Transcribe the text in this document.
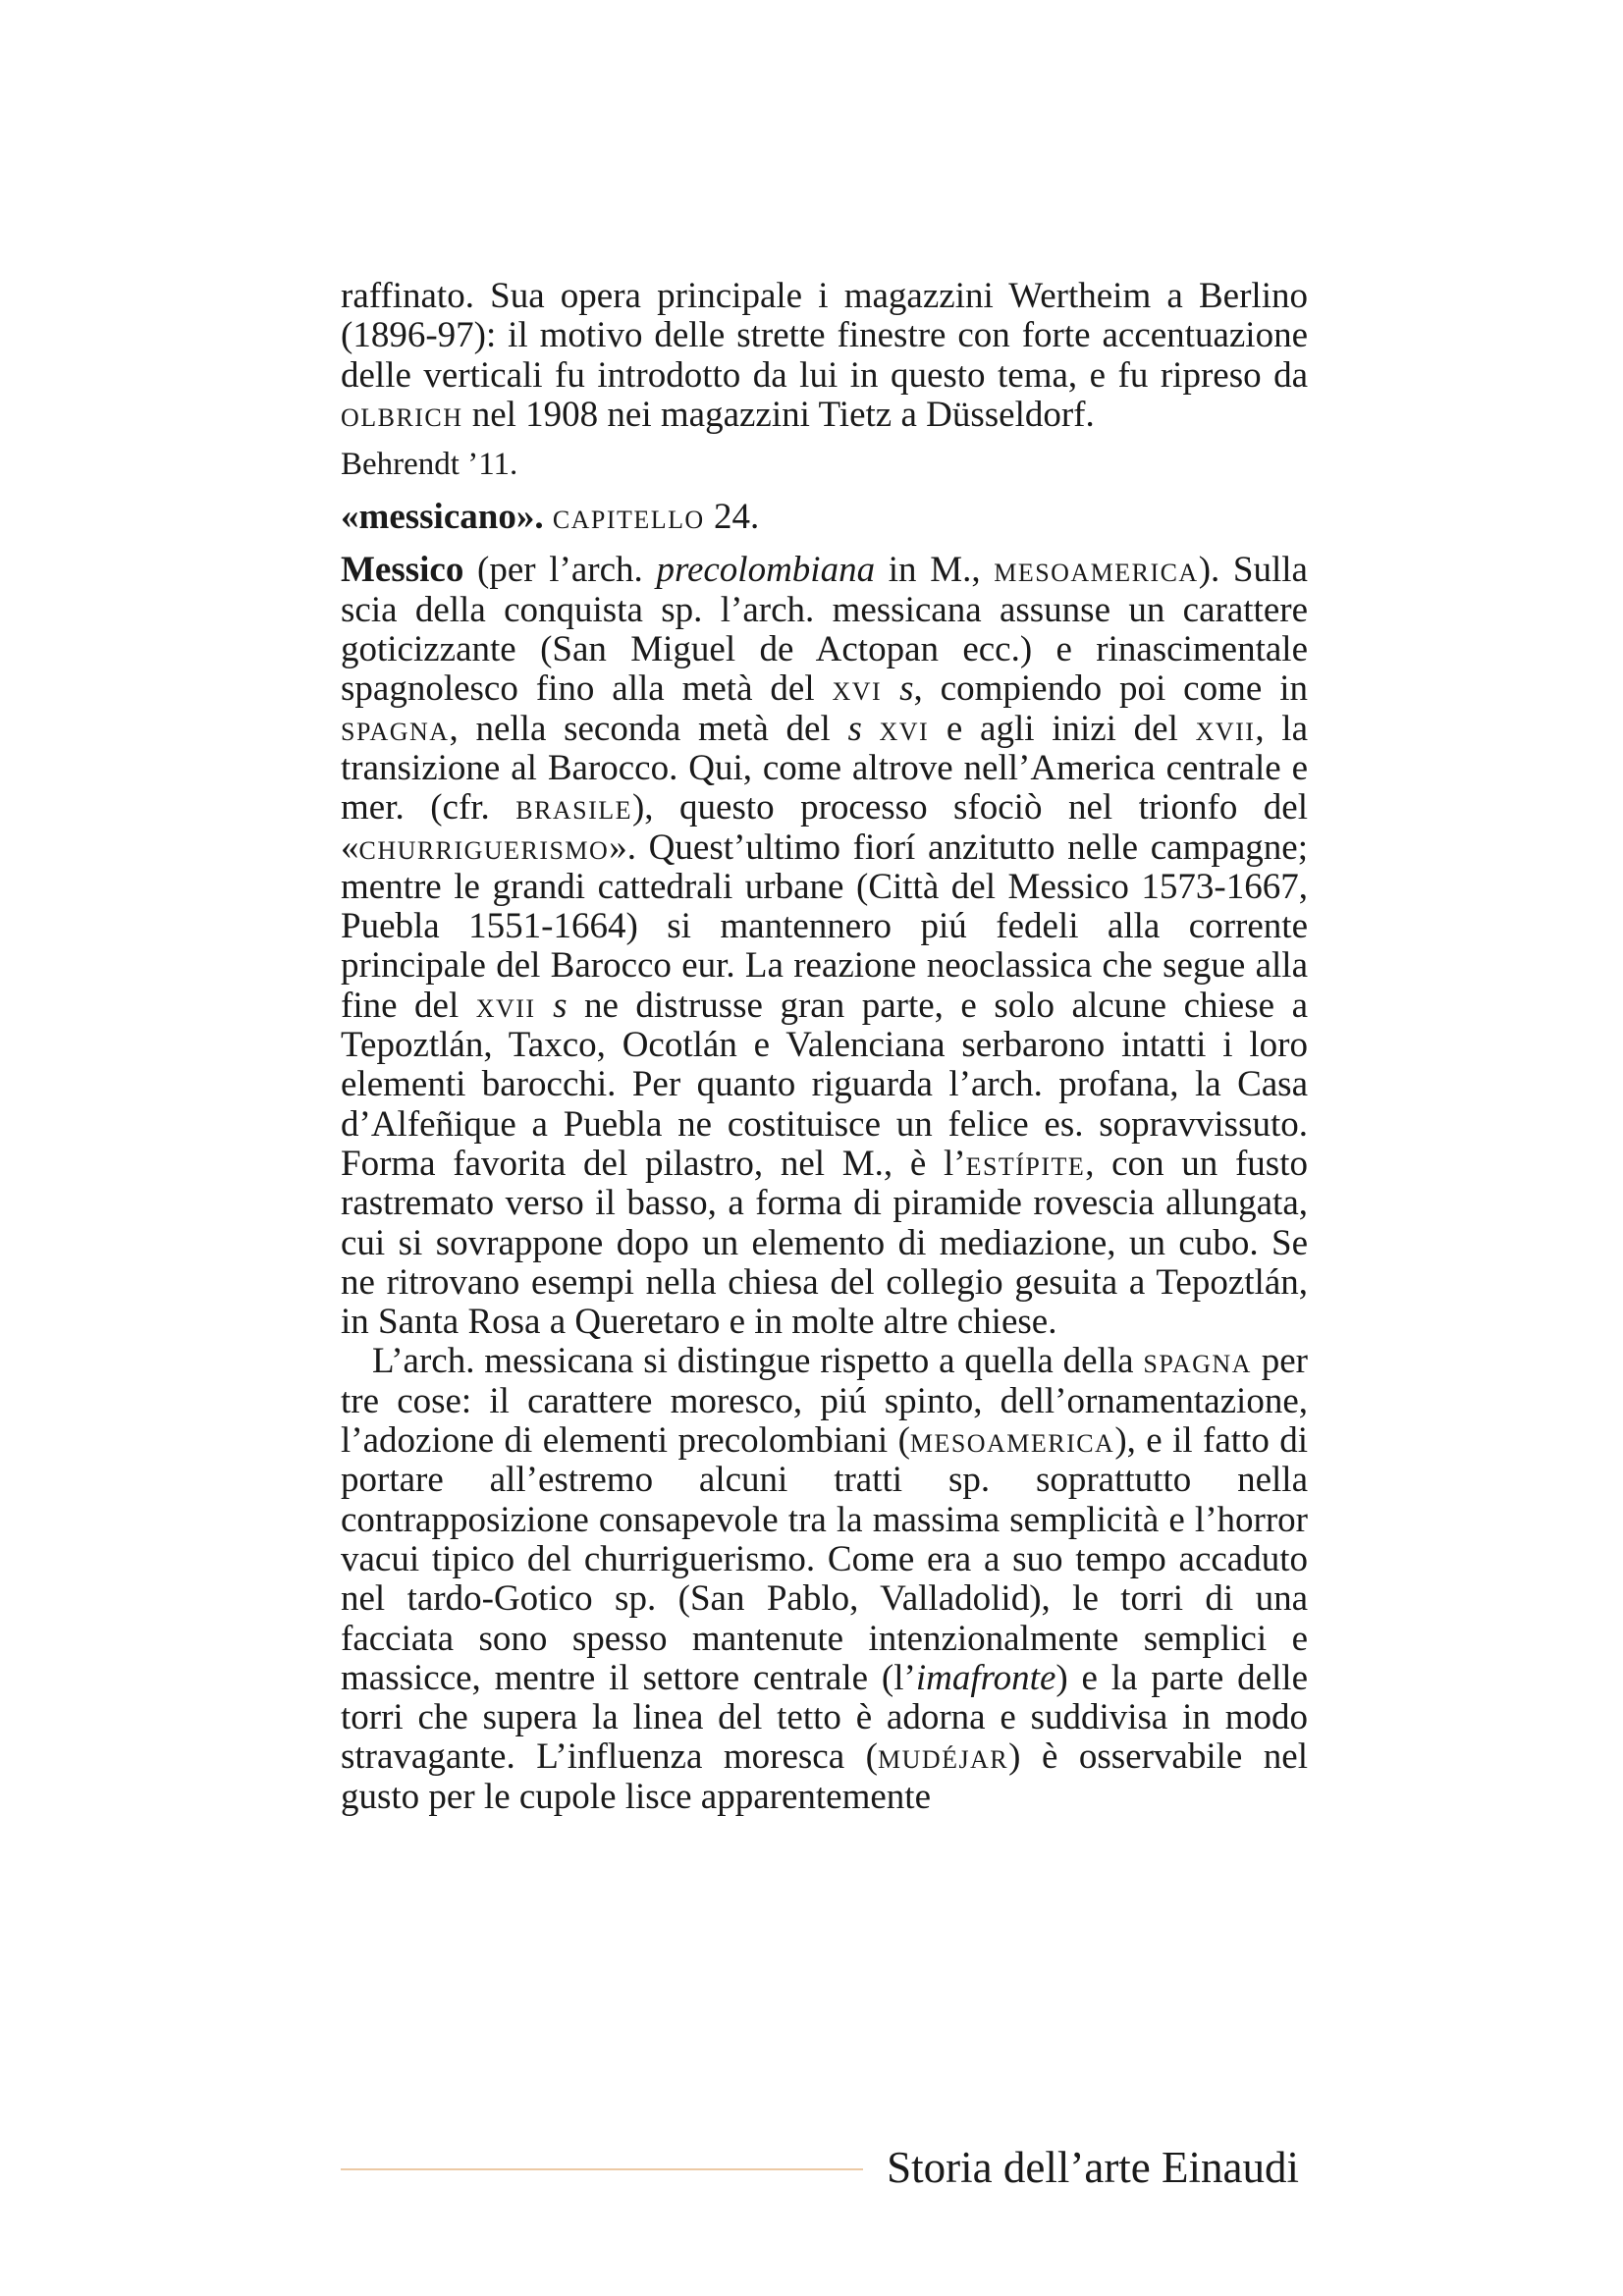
raffinato. Sua opera principale i magazzini Wertheim a Berlino (1896-97): il motivo delle strette finestre con forte accentuazione delle verticali fu introdotto da lui in questo tema, e fu ripreso da olbrich nel 1908 nei magazzini Tietz a Düsseldorf.

Behrendt ’11.

«messicano». capitello 24.

Messico (per l’arch. precolombiana in M., mesoamerica). Sulla scia della conquista sp. l’arch. messicana assunse un carattere goticizzante (San Miguel de Actopan ecc.) e rinascimentale spagnolesco fino alla metà del xvi s, compiendo poi come in spagna, nella seconda metà del s xvi e agli inizi del xvii, la transizione al Barocco. Qui, come altrove nell’America centrale e mer. (cfr. brasile), questo processo sfociò nel trionfo del «churriguerismo». Quest’ultimo fiorí anzitutto nelle campagne; mentre le grandi cattedrali urbane (Città del Messico 1573-1667, Puebla 1551-1664) si mantennero piú fedeli alla corrente principale del Barocco eur. La reazione neoclassica che segue alla fine del xvii s ne distrusse gran parte, e solo alcune chiese a Tepoztlán, Taxco, Ocotlán e Valenciana serbarono intatti i loro elementi barocchi. Per quanto riguarda l’arch. profana, la Casa d’Alfeñique a Puebla ne costituisce un felice es. sopravvissuto. Forma favorita del pilastro, nel M., è l’estípite, con un fusto rastremato verso il basso, a forma di piramide rovescia allungata, cui si sovrappone dopo un elemento di mediazione, un cubo. Se ne ritrovano esempi nella chiesa del collegio gesuita a Tepoztlán, in Santa Rosa a Queretaro e in molte altre chiese.

L’arch. messicana si distingue rispetto a quella della spagna per tre cose: il carattere moresco, piú spinto, dell’ornamentazione, l’adozione di elementi precolombiani (mesoamerica), e il fatto di portare all’estremo alcuni tratti sp. soprattutto nella contrapposizione consapevole tra la massima semplicità e l’horror vacui tipico del churriguerismo. Come era a suo tempo accaduto nel tardo-Gotico sp. (San Pablo, Valladolid), le torri di una facciata sono spesso mantenute intenzionalmente semplici e massicce, mentre il settore centrale (l’imafronte) e la parte delle torri che supera la linea del tetto è adorna e suddivisa in modo stravagante. L’influenza moresca (mudéjar) è osservabile nel gusto per le cupole lisce apparentemente

Storia dell’arte Einaudi
